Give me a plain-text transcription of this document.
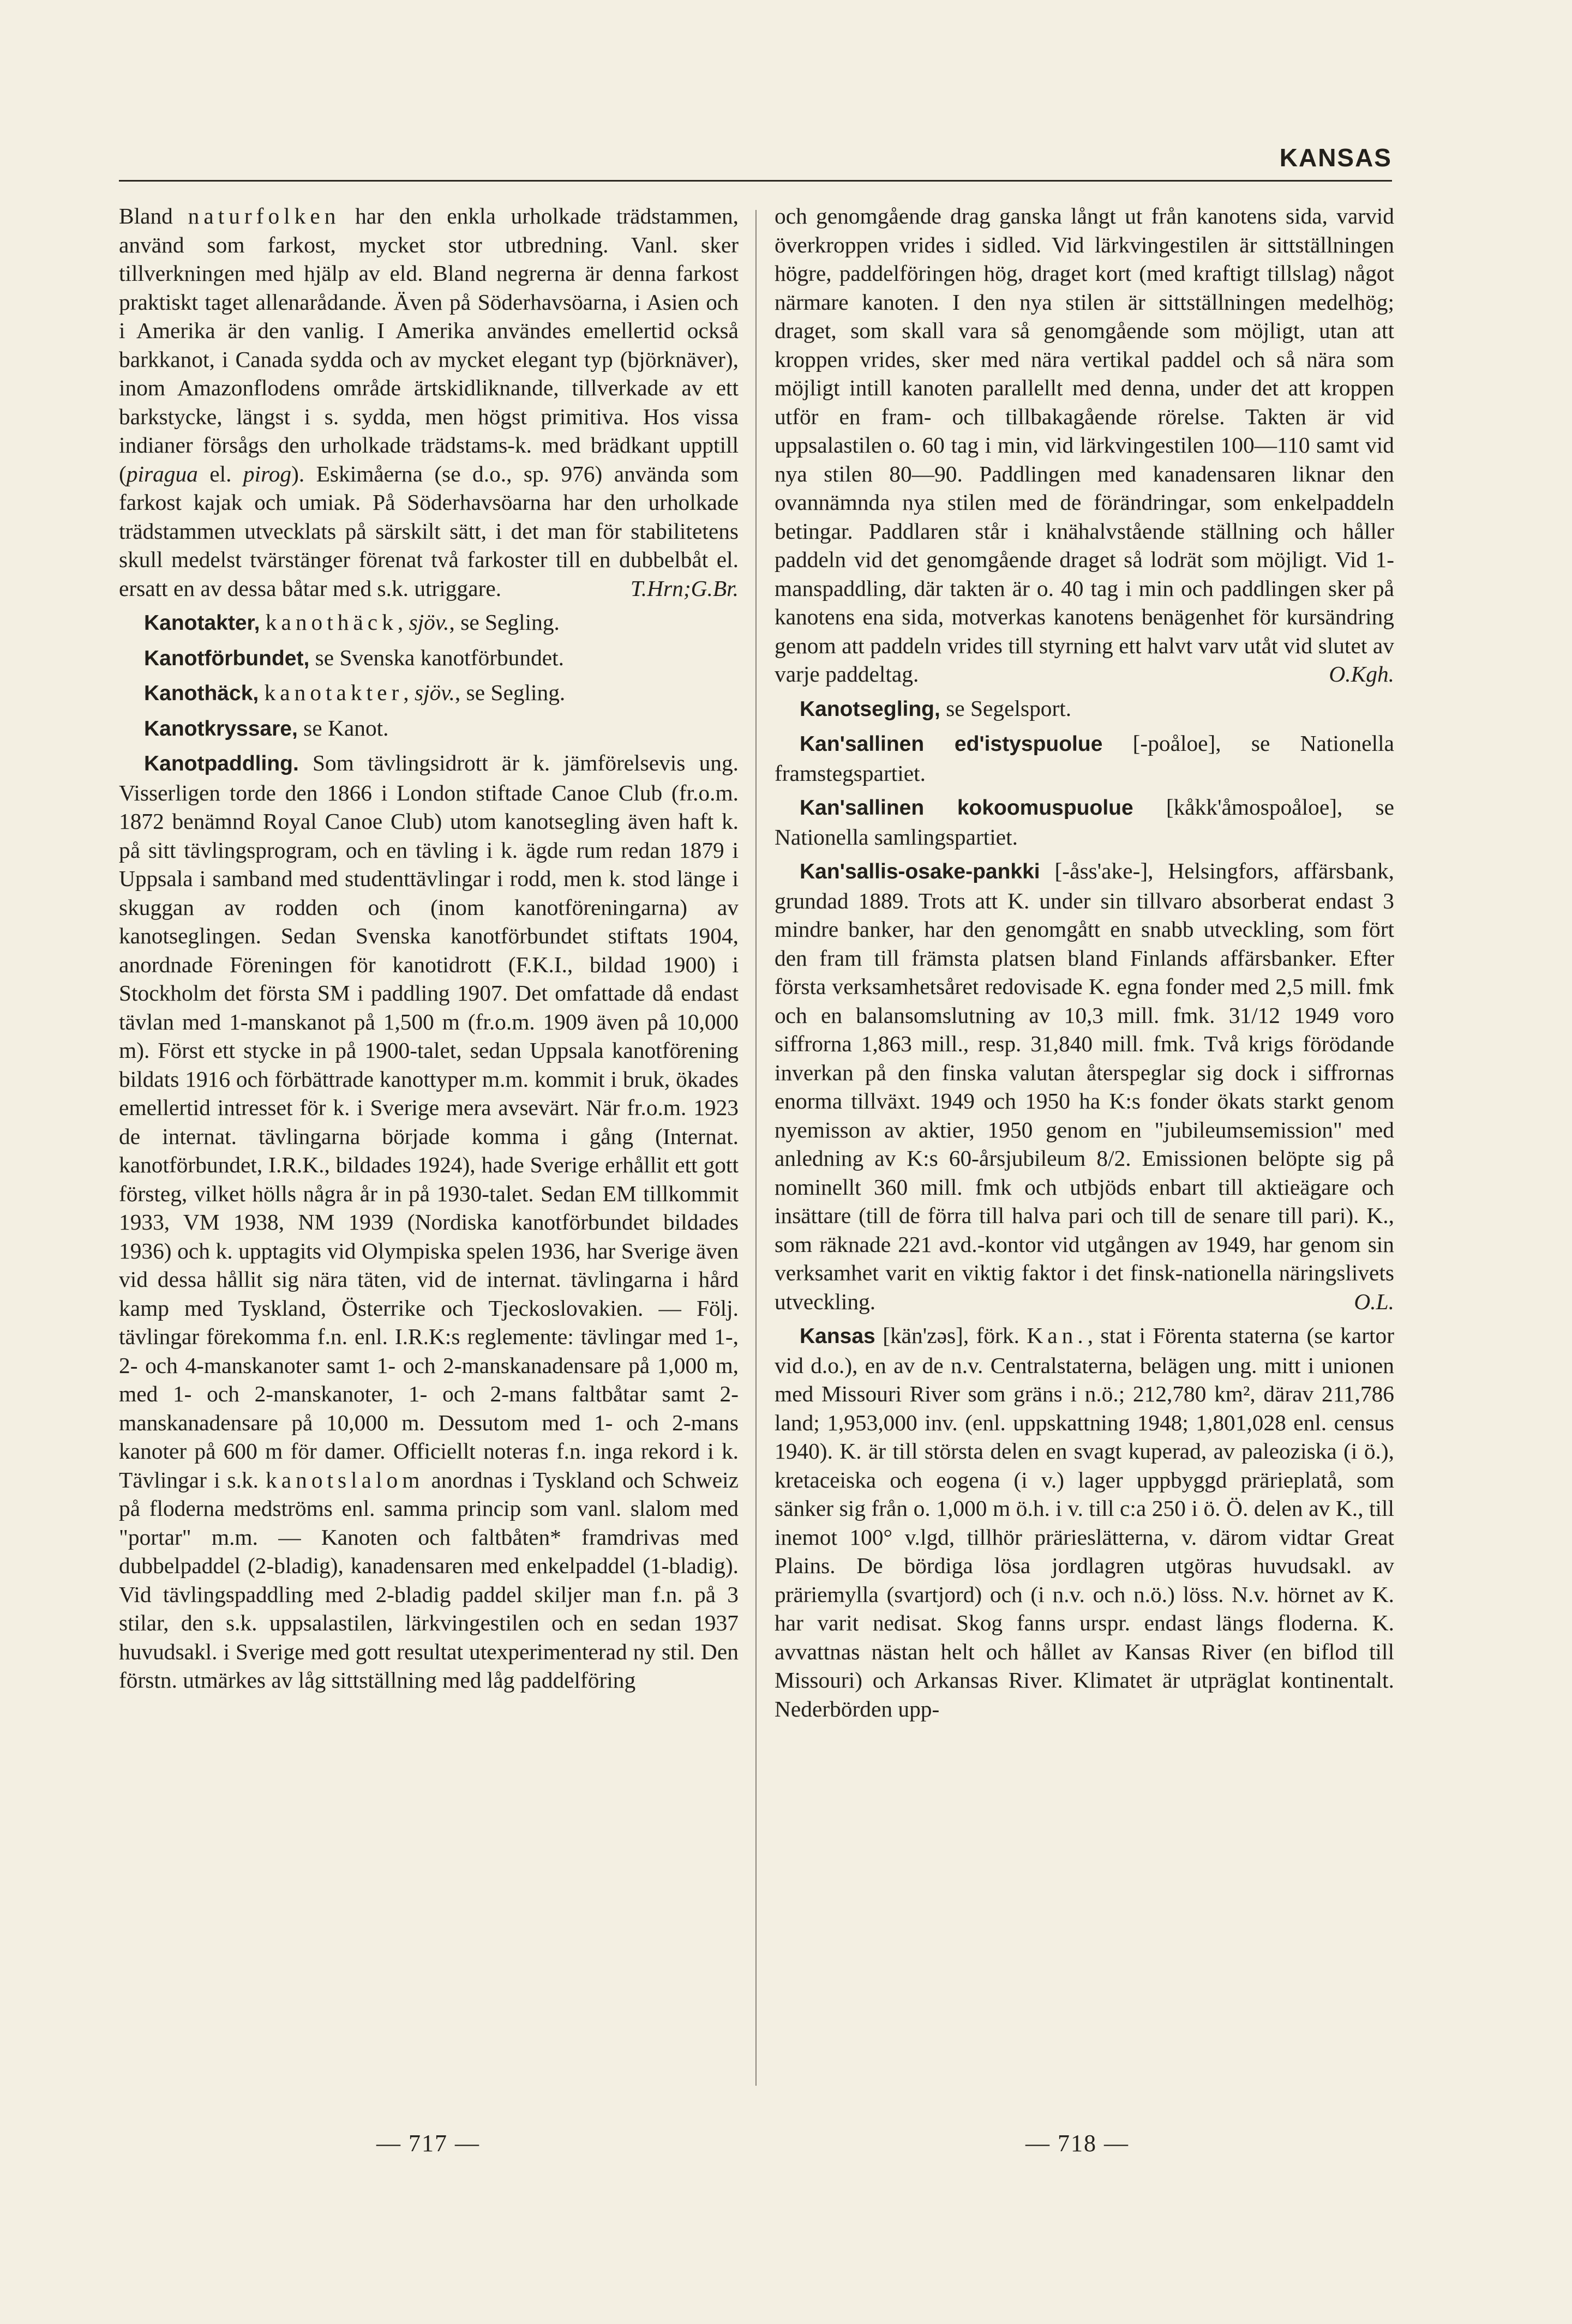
KANSAS

Bland naturfolken har den enkla urholkade trädstammen, använd som farkost, mycket stor utbredning. Vanl. sker tillverkningen med hjälp av eld. Bland negrerna är denna farkost praktiskt taget allenarådande. Även på Söderhavsöarna, i Asien och i Amerika är den vanlig. I Amerika användes emellertid också barkkanot, i Canada sydda och av mycket elegant typ (björknäver), inom Amazonflodens område ärtskidliknande, tillverkade av ett barkstycke, längst i s. sydda, men högst primitiva. Hos vissa indianer försågs den urholkade trädstams-k. med brädkant upptill (piragua el. pirog). Eskimåerna (se d.o., sp. 976) använda som farkost kajak och umiak. På Söderhavsöarna har den urholkade trädstammen utvecklats på särskilt sätt, i det man för stabilitetens skull medelst tvärstänger förenat två farkoster till en dubbelbåt el. ersatt en av dessa båtar med s.k. utriggare.	T.Hrn;G.Br.

Kanotakter, kanothäck, sjöv., se Segling.

Kanotförbundet, se Svenska kanotförbundet.

Kanothäck, kanotakter, sjöv., se Segling.

Kanotkryssare, se Kanot.

Kanotpaddling. Som tävlingsidrott är k. jämförelsevis ung. Visserligen torde den 1866 i London stiftade Canoe Club (fr.o.m. 1872 benämnd Royal Canoe Club) utom kanotsegling även haft k. på sitt tävlingsprogram, och en tävling i k. ägde rum redan 1879 i Uppsala i samband med studenttävlingar i rodd, men k. stod länge i skuggan av rodden och (inom kanotföreningarna) av kanotseglingen. Sedan Svenska kanotförbundet stiftats 1904, anordnade Föreningen för kanotidrott (F.K.I., bildad 1900) i Stockholm det första SM i paddling 1907. Det omfattade då endast tävlan med 1-manskanot på 1,500 m (fr.o.m. 1909 även på 10,000 m). Först ett stycke in på 1900-talet, sedan Uppsala kanotförening bildats 1916 och förbättrade kanottyper m.m. kommit i bruk, ökades emellertid intresset för k. i Sverige mera avsevärt. När fr.o.m. 1923 de internat. tävlingarna började komma i gång (Internat. kanotförbundet, I.R.K., bildades 1924), hade Sverige erhållit ett gott försteg, vilket hölls några år in på 1930-talet. Sedan EM tillkommit 1933, VM 1938, NM 1939 (Nordiska kanotförbundet bildades 1936) och k. upptagits vid Olympiska spelen 1936, har Sverige även vid dessa hållit sig nära täten, vid de internat. tävlingarna i hård kamp med Tyskland, Österrike och Tjeckoslovakien. — Följ. tävlingar förekomma f.n. enl. I.R.K:s reglemente: tävlingar med 1-, 2- och 4-manskanoter samt 1- och 2-manskanadensare på 1,000 m, med 1- och 2-manskanoter, 1- och 2-mans faltbåtar samt 2-manskanadensare på 10,000 m. Dessutom med 1- och 2-mans kanoter på 600 m för damer. Officiellt noteras f.n. inga rekord i k. Tävlingar i s.k. kanotslalom anordnas i Tyskland och Schweiz på floderna medströms enl. samma princip som vanl. slalom med "portar" m.m. — Kanoten och faltbåten* framdrivas med dubbelpaddel (2-bladig), kanadensaren med enkelpaddel (1-bladig). Vid tävlingspaddling med 2-bladig paddel skiljer man f.n. på 3 stilar, den s.k. uppsalastilen, lärkvingestilen och en sedan 1937 huvudsakl. i Sverige med gott resultat utexperimenterad ny stil. Den förstn. utmärkes av låg sittställning med låg paddelföring

och genomgående drag ganska långt ut från kanotens sida, varvid överkroppen vrides i sidled. Vid lärkvingestilen är sittställningen högre, paddelföringen hög, draget kort (med kraftigt tillslag) något närmare kanoten. I den nya stilen är sittställningen medelhög; draget, som skall vara så genomgående som möjligt, utan att kroppen vrides, sker med nära vertikal paddel och så nära som möjligt intill kanoten parallellt med denna, under det att kroppen utför en fram- och tillbakagående rörelse. Takten är vid uppsalastilen o. 60 tag i min, vid lärkvingestilen 100—110 samt vid nya stilen 80—90. Paddlingen med kanadensaren liknar den ovannämnda nya stilen med de förändringar, som enkelpaddeln betingar. Paddlaren står i knähalvstående ställning och håller paddeln vid det genomgående draget så lodrät som möjligt. Vid 1-manspaddling, där takten är o. 40 tag i min och paddlingen sker på kanotens ena sida, motverkas kanotens benägenhet för kursändring genom att paddeln vrides till styrning ett halvt varv utåt vid slutet av varje paddeltag.	O.Kgh.

Kanotsegling, se Segelsport.

Kan'sallinen ed'istyspuolue [-poåloe], se Nationella framstegspartiet.

Kan'sallinen kokoomuspuolue [kåkk'åmospoåloe], se Nationella samlingspartiet.

Kan'sallis-osake-pankki [-åss'ake-], Helsingfors, affärsbank, grundad 1889. Trots att K. under sin tillvaro absorberat endast 3 mindre banker, har den genomgått en snabb utveckling, som fört den fram till främsta platsen bland Finlands affärsbanker. Efter första verksamhetsåret redovisade K. egna fonder med 2,5 mill. fmk och en balansomslutning av 10,3 mill. fmk. 31/12 1949 voro siffrorna 1,863 mill., resp. 31,840 mill. fmk. Två krigs förödande inverkan på den finska valutan återspeglar sig dock i siffrornas enorma tillväxt. 1949 och 1950 ha K:s fonder ökats starkt genom nyemisson av aktier, 1950 genom en "jubileumsemission" med anledning av K:s 60-årsjubileum 8/2. Emissionen belöpte sig på nominellt 360 mill. fmk och utbjöds enbart till aktieägare och insättare (till de förra till halva pari och till de senare till pari). K., som räknade 221 avd.-kontor vid utgången av 1949, har genom sin verksamhet varit en viktig faktor i det finsk-nationella näringslivets utveckling.	O.L.

Kansas [kän'zəs], förk. Kan., stat i Förenta staterna (se kartor vid d.o.), en av de n.v. Centralstaterna, belägen ung. mitt i unionen med Missouri River som gräns i n.ö.; 212,780 km², därav 211,786 land; 1,953,000 inv. (enl. uppskattning 1948; 1,801,028 enl. census 1940). K. är till största delen en svagt kuperad, av paleoziska (i ö.), kretaceiska och eogena (i v.) lager uppbyggd prärieplatå, som sänker sig från o. 1,000 m ö.h. i v. till c:a 250 i ö. Ö. delen av K., till inemot 100° v.lgd, tillhör prärieslätterna, v. därom vidtar Great Plains. De bördiga lösa jordlagren utgöras huvudsakl. av präriemylla (svartjord) och (i n.v. och n.ö.) löss. N.v. hörnet av K. har varit nedisat. Skog fanns urspr. endast längs floderna. K. avvattnas nästan helt och hållet av Kansas River (en biflod till Missouri) och Arkansas River. Klimatet är utpräglat kontinentalt. Nederbörden upp-

— 717 —	— 718 —
